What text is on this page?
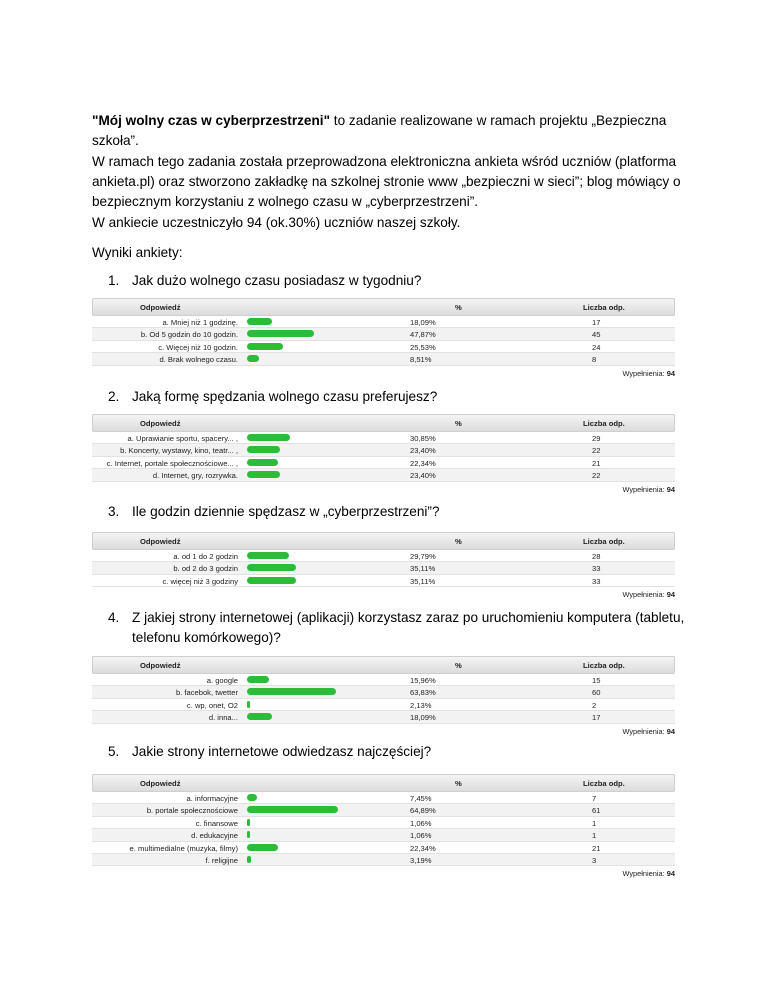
"Mój wolny czas w cyberprzestrzeni" to zadanie realizowane w ramach projektu „Bezpieczna szkoła”.

W ramach tego zadania została przeprowadzona elektroniczna ankieta wśród uczniów (platforma ankieta.pl) oraz stworzono zakładkę na szkolnej stronie www „bezpieczni w sieci”; blog mówiący o bezpiecznym korzystaniu z wolnego czasu w „cyberprzestrzeni”.

W ankiecie uczestniczyło 94 (ok.30%) uczniów naszej szkoły.

Wyniki ankiety:

1. Jak dużo wolnego czasu posiadasz w tygodniu?
Odpowiedź	%	Liczba odp.
a. Mniej niż 1 godzinę.	18,09%	17
b. Od 5 godzin do 10 godzin.	47,87%	45
c. Więcej niż 10 godzin.	25,53%	24
d. Brak wolnego czasu.	8,51%	8
Wypełnienia: 94
2. Jaką formę spędzania wolnego czasu preferujesz?
Odpowiedź	%	Liczba odp.
a. Uprawianie sportu, spacery... ,	30,85%	29
b. Koncerty, wystawy, kino, teatr... ,	23,40%	22
c. Internet, portale społecznościowe... ,	22,34%	21
d. Internet, gry, rozrywka.	23,40%	22
Wypełnienia: 94
3. Ile godzin dziennie spędzasz w „cyberprzestrzeni”?
Odpowiedź	%	Liczba odp.
a. od 1 do 2 godzin	29,79%	28
b. od 2 do 3 godzin	35,11%	33
c. więcej niż 3 godziny	35,11%	33
Wypełnienia: 94
4. Z jakiej strony internetowej (aplikacji) korzystasz zaraz po uruchomieniu komputera (tabletu, telefonu komórkowego)?
Odpowiedź	%	Liczba odp.
a. google	15,96%	15
b. facebok, twetter	63,83%	60
c. wp, onet, O2	2,13%	2
d. inna...	18,09%	17
Wypełnienia: 94
5. Jakie strony internetowe odwiedzasz najczęściej?
Odpowiedź	%	Liczba odp.
a. informacyjne	7,45%	7
b. portale społecznościowe	64,89%	61
c. finansowe	1,06%	1
d. edukacyjne	1,06%	1
e. multimedialne (muzyka, filmy)	22,34%	21
f. religijne	3,19%	3
Wypełnienia: 94
